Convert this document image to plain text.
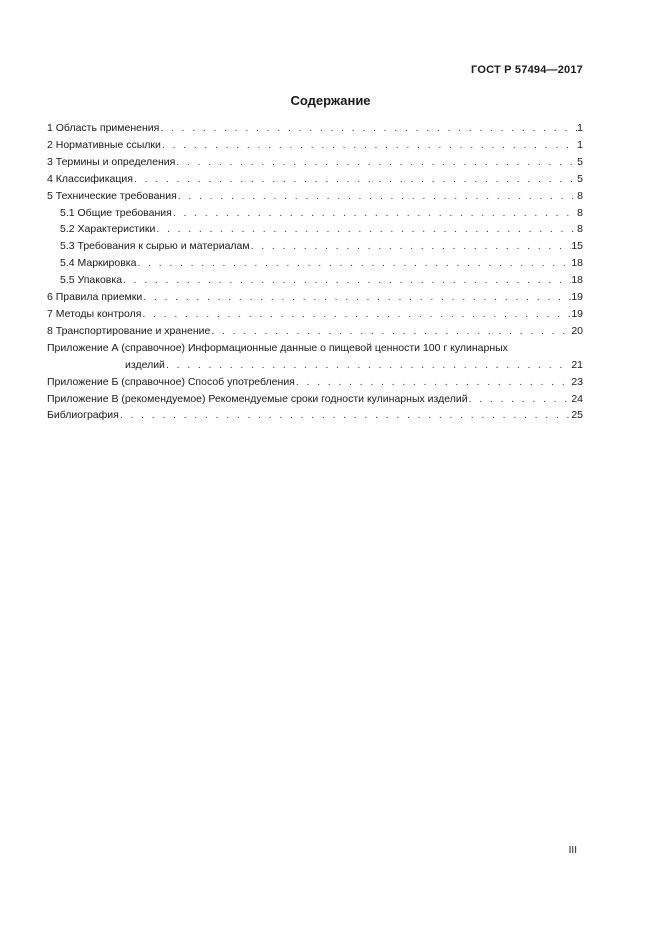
ГОСТ Р 57494—2017
Содержание
1 Область применения . . .	1
2 Нормативные ссылки . . .	1
3 Термины и определения . . .	5
4 Классификация . . .	5
5 Технические требования . . .	8
5.1 Общие требования . . .	8
5.2 Характеристики . . .	8
5.3 Требования к сырью и материалам . . .	15
5.4 Маркировка . . .	18
5.5 Упаковка . . .	18
6 Правила приемки . . .	19
7 Методы контроля . . .	19
8 Транспортирование и хранение . . .	20
Приложение А (справочное) Информационные данные о пищевой ценности 100 г кулинарных
изделий . . .	21
Приложение Б (справочное) Способ употребления . . .	23
Приложение В (рекомендуемое) Рекомендуемые сроки годности кулинарных изделий . . .	24
Библиография . . .	25
III
